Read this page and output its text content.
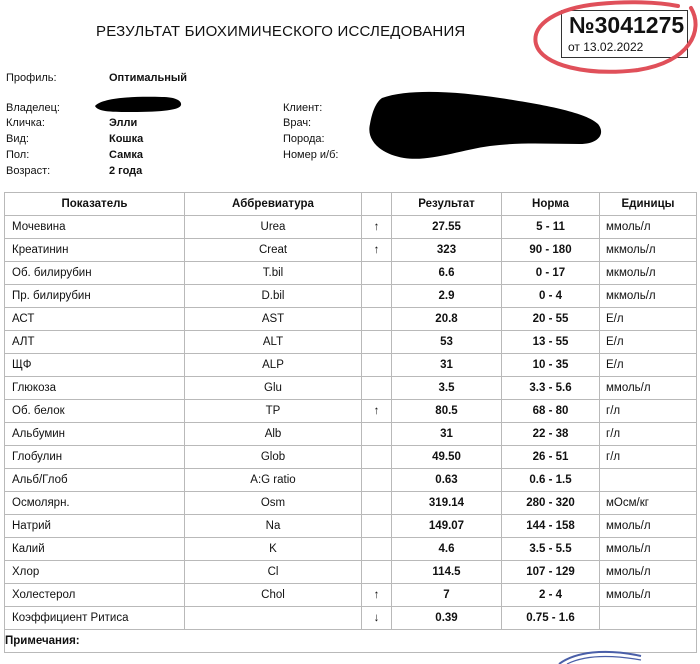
РЕЗУЛЬТАТ БИОХИМИЧЕСКОГО ИССЛЕДОВАНИЯ	№3041275
от 13.02.2022
Профиль:	Оптимальный
Владелец:
Кличка:	Элли
Вид:	Кошка
Пол:	Самка
Возраст:	2 года
Клиент:
Врач:
Порода:
Номер и/б:
Показатель	Аббревиатура		Результат	Норма	Единицы
Мочевина	Urea	↑	27.55	5 - 11	ммоль/л
Креатинин	Creat	↑	323	90 - 180	мкмоль/л
Об. билирубин	T.bil		6.6	0 - 17	мкмоль/л
Пр. билирубин	D.bil		2.9	0 - 4	мкмоль/л
АСТ	AST		20.8	20 - 55	Е/л
АЛТ	ALT		53	13 - 55	Е/л
ЩФ	ALP		31	10 - 35	Е/л
Глюкоза	Glu		3.5	3.3 - 5.6	ммоль/л
Об. белок	TP	↑	80.5	68 - 80	г/л
Альбумин	Alb		31	22 - 38	г/л
Глобулин	Glob		49.50	26 - 51	г/л
Альб/Глоб	A:G ratio		0.63	0.6 - 1.5	
Осмолярн.	Osm		319.14	280 - 320	мОсм/кг
Натрий	Na		149.07	144 - 158	ммоль/л
Калий	K		4.6	3.5 - 5.5	ммоль/л
Хлор	Cl		114.5	107 - 129	ммоль/л
Холестерол	Chol	↑	7	2 - 4	ммоль/л
Коэффициент Ритиса		↓	0.39	0.75 - 1.6	
Примечания:					
